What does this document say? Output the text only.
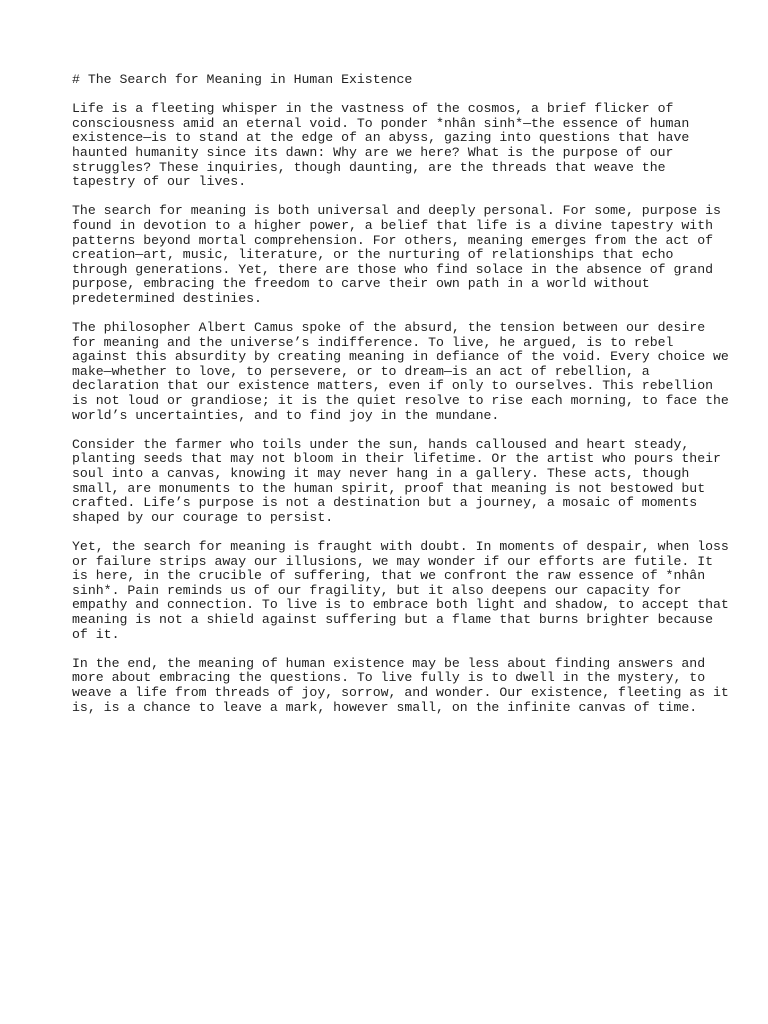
# The Search for Meaning in Human Existence

Life is a fleeting whisper in the vastness of the cosmos, a brief flicker of
consciousness amid an eternal void. To ponder *nhân sinh*—the essence of human
existence—is to stand at the edge of an abyss, gazing into questions that have
haunted humanity since its dawn: Why are we here? What is the purpose of our
struggles? These inquiries, though daunting, are the threads that weave the
tapestry of our lives.

The search for meaning is both universal and deeply personal. For some, purpose is
found in devotion to a higher power, a belief that life is a divine tapestry with
patterns beyond mortal comprehension. For others, meaning emerges from the act of
creation—art, music, literature, or the nurturing of relationships that echo
through generations. Yet, there are those who find solace in the absence of grand
purpose, embracing the freedom to carve their own path in a world without
predetermined destinies.

The philosopher Albert Camus spoke of the absurd, the tension between our desire
for meaning and the universe’s indifference. To live, he argued, is to rebel
against this absurdity by creating meaning in defiance of the void. Every choice we
make—whether to love, to persevere, or to dream—is an act of rebellion, a
declaration that our existence matters, even if only to ourselves. This rebellion
is not loud or grandiose; it is the quiet resolve to rise each morning, to face the
world’s uncertainties, and to find joy in the mundane.

Consider the farmer who toils under the sun, hands calloused and heart steady,
planting seeds that may not bloom in their lifetime. Or the artist who pours their
soul into a canvas, knowing it may never hang in a gallery. These acts, though
small, are monuments to the human spirit, proof that meaning is not bestowed but
crafted. Life’s purpose is not a destination but a journey, a mosaic of moments
shaped by our courage to persist.

Yet, the search for meaning is fraught with doubt. In moments of despair, when loss
or failure strips away our illusions, we may wonder if our efforts are futile. It
is here, in the crucible of suffering, that we confront the raw essence of *nhân
sinh*. Pain reminds us of our fragility, but it also deepens our capacity for
empathy and connection. To live is to embrace both light and shadow, to accept that
meaning is not a shield against suffering but a flame that burns brighter because
of it.

In the end, the meaning of human existence may be less about finding answers and
more about embracing the questions. To live fully is to dwell in the mystery, to
weave a life from threads of joy, sorrow, and wonder. Our existence, fleeting as it
is, is a chance to leave a mark, however small, on the infinite canvas of time.
